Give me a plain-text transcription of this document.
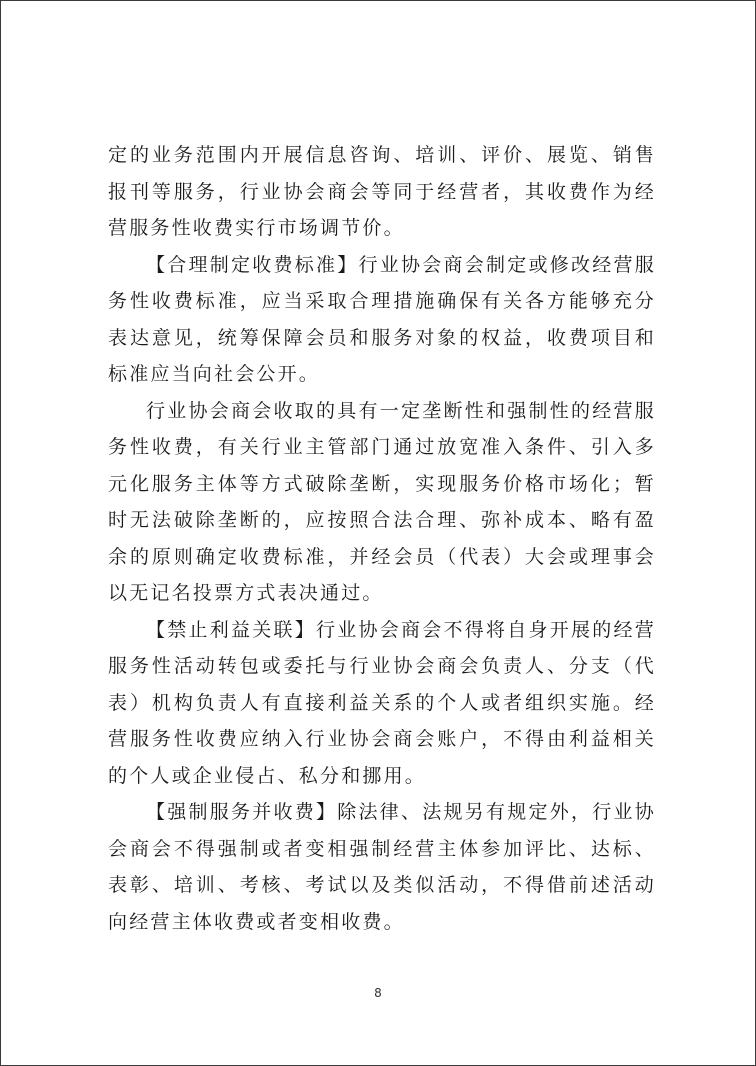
定的业务范围内开展信息咨询、培训、评价、展览、销售报刊等服务，行业协会商会等同于经营者，其收费作为经营服务性收费实行市场调节价。

【合理制定收费标准】行业协会商会制定或修改经营服务性收费标准，应当采取合理措施确保有关各方能够充分表达意见，统筹保障会员和服务对象的权益，收费项目和标准应当向社会公开。

行业协会商会收取的具有一定垄断性和强制性的经营服务性收费，有关行业主管部门通过放宽准入条件、引入多元化服务主体等方式破除垄断，实现服务价格市场化；暂时无法破除垄断的，应按照合法合理、弥补成本、略有盈余的原则确定收费标准，并经会员（代表）大会或理事会以无记名投票方式表决通过。

【禁止利益关联】行业协会商会不得将自身开展的经营服务性活动转包或委托与行业协会商会负责人、分支（代表）机构负责人有直接利益关系的个人或者组织实施。经营服务性收费应纳入行业协会商会账户，不得由利益相关的个人或企业侵占、私分和挪用。

【强制服务并收费】除法律、法规另有规定外，行业协会商会不得强制或者变相强制经营主体参加评比、达标、表彰、培训、考核、考试以及类似活动，不得借前述活动向经营主体收费或者变相收费。

8
